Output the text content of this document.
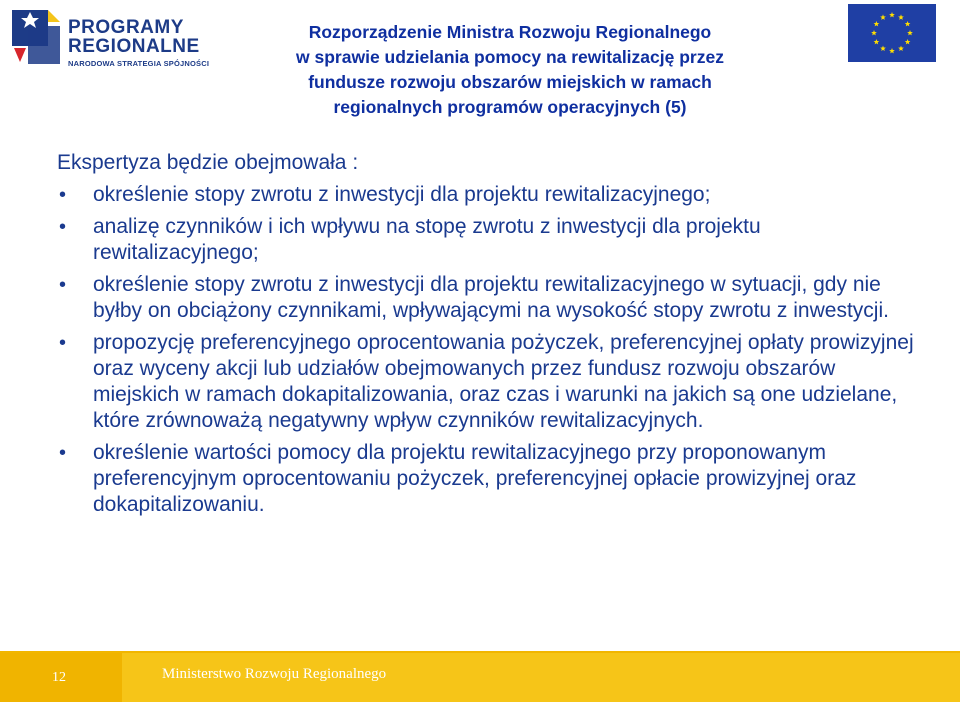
PROGRAMY
REGIONALNE
NARODOWA STRATEGIA SPÓJNOŚCI
Rozporządzenie Ministra Rozwoju Regionalnego
w sprawie udzielania pomocy na rewitalizację przez
fundusze rozwoju obszarów miejskich w ramach
regionalnych programów operacyjnych (5)

Ekspertyza będzie obejmowała :

• określenie stopy zwrotu z inwestycji dla projektu rewitalizacyjnego;
• analizę czynników i ich wpływu na stopę zwrotu z inwestycji dla projektu rewitalizacyjnego;
• określenie stopy zwrotu z inwestycji dla projektu rewitalizacyjnego w sytuacji, gdy nie byłby on obciążony czynnikami, wpływającymi na wysokość stopy zwrotu z inwestycji.
• propozycję preferencyjnego oprocentowania pożyczek, preferencyjnej opłaty prowizyjnej oraz wyceny akcji lub udziałów obejmowanych przez fundusz rozwoju obszarów miejskich w ramach dokapitalizowania, oraz czas i warunki na jakich są one udzielane, które zrównoważą negatywny wpływ czynników rewitalizacyjnych.
• określenie wartości pomocy dla projektu rewitalizacyjnego przy proponowanym preferencyjnym oprocentowaniu pożyczek, preferencyjnej opłacie prowizyjnej oraz dokapitalizowaniu.
12	Ministerstwo Rozwoju Regionalnego
